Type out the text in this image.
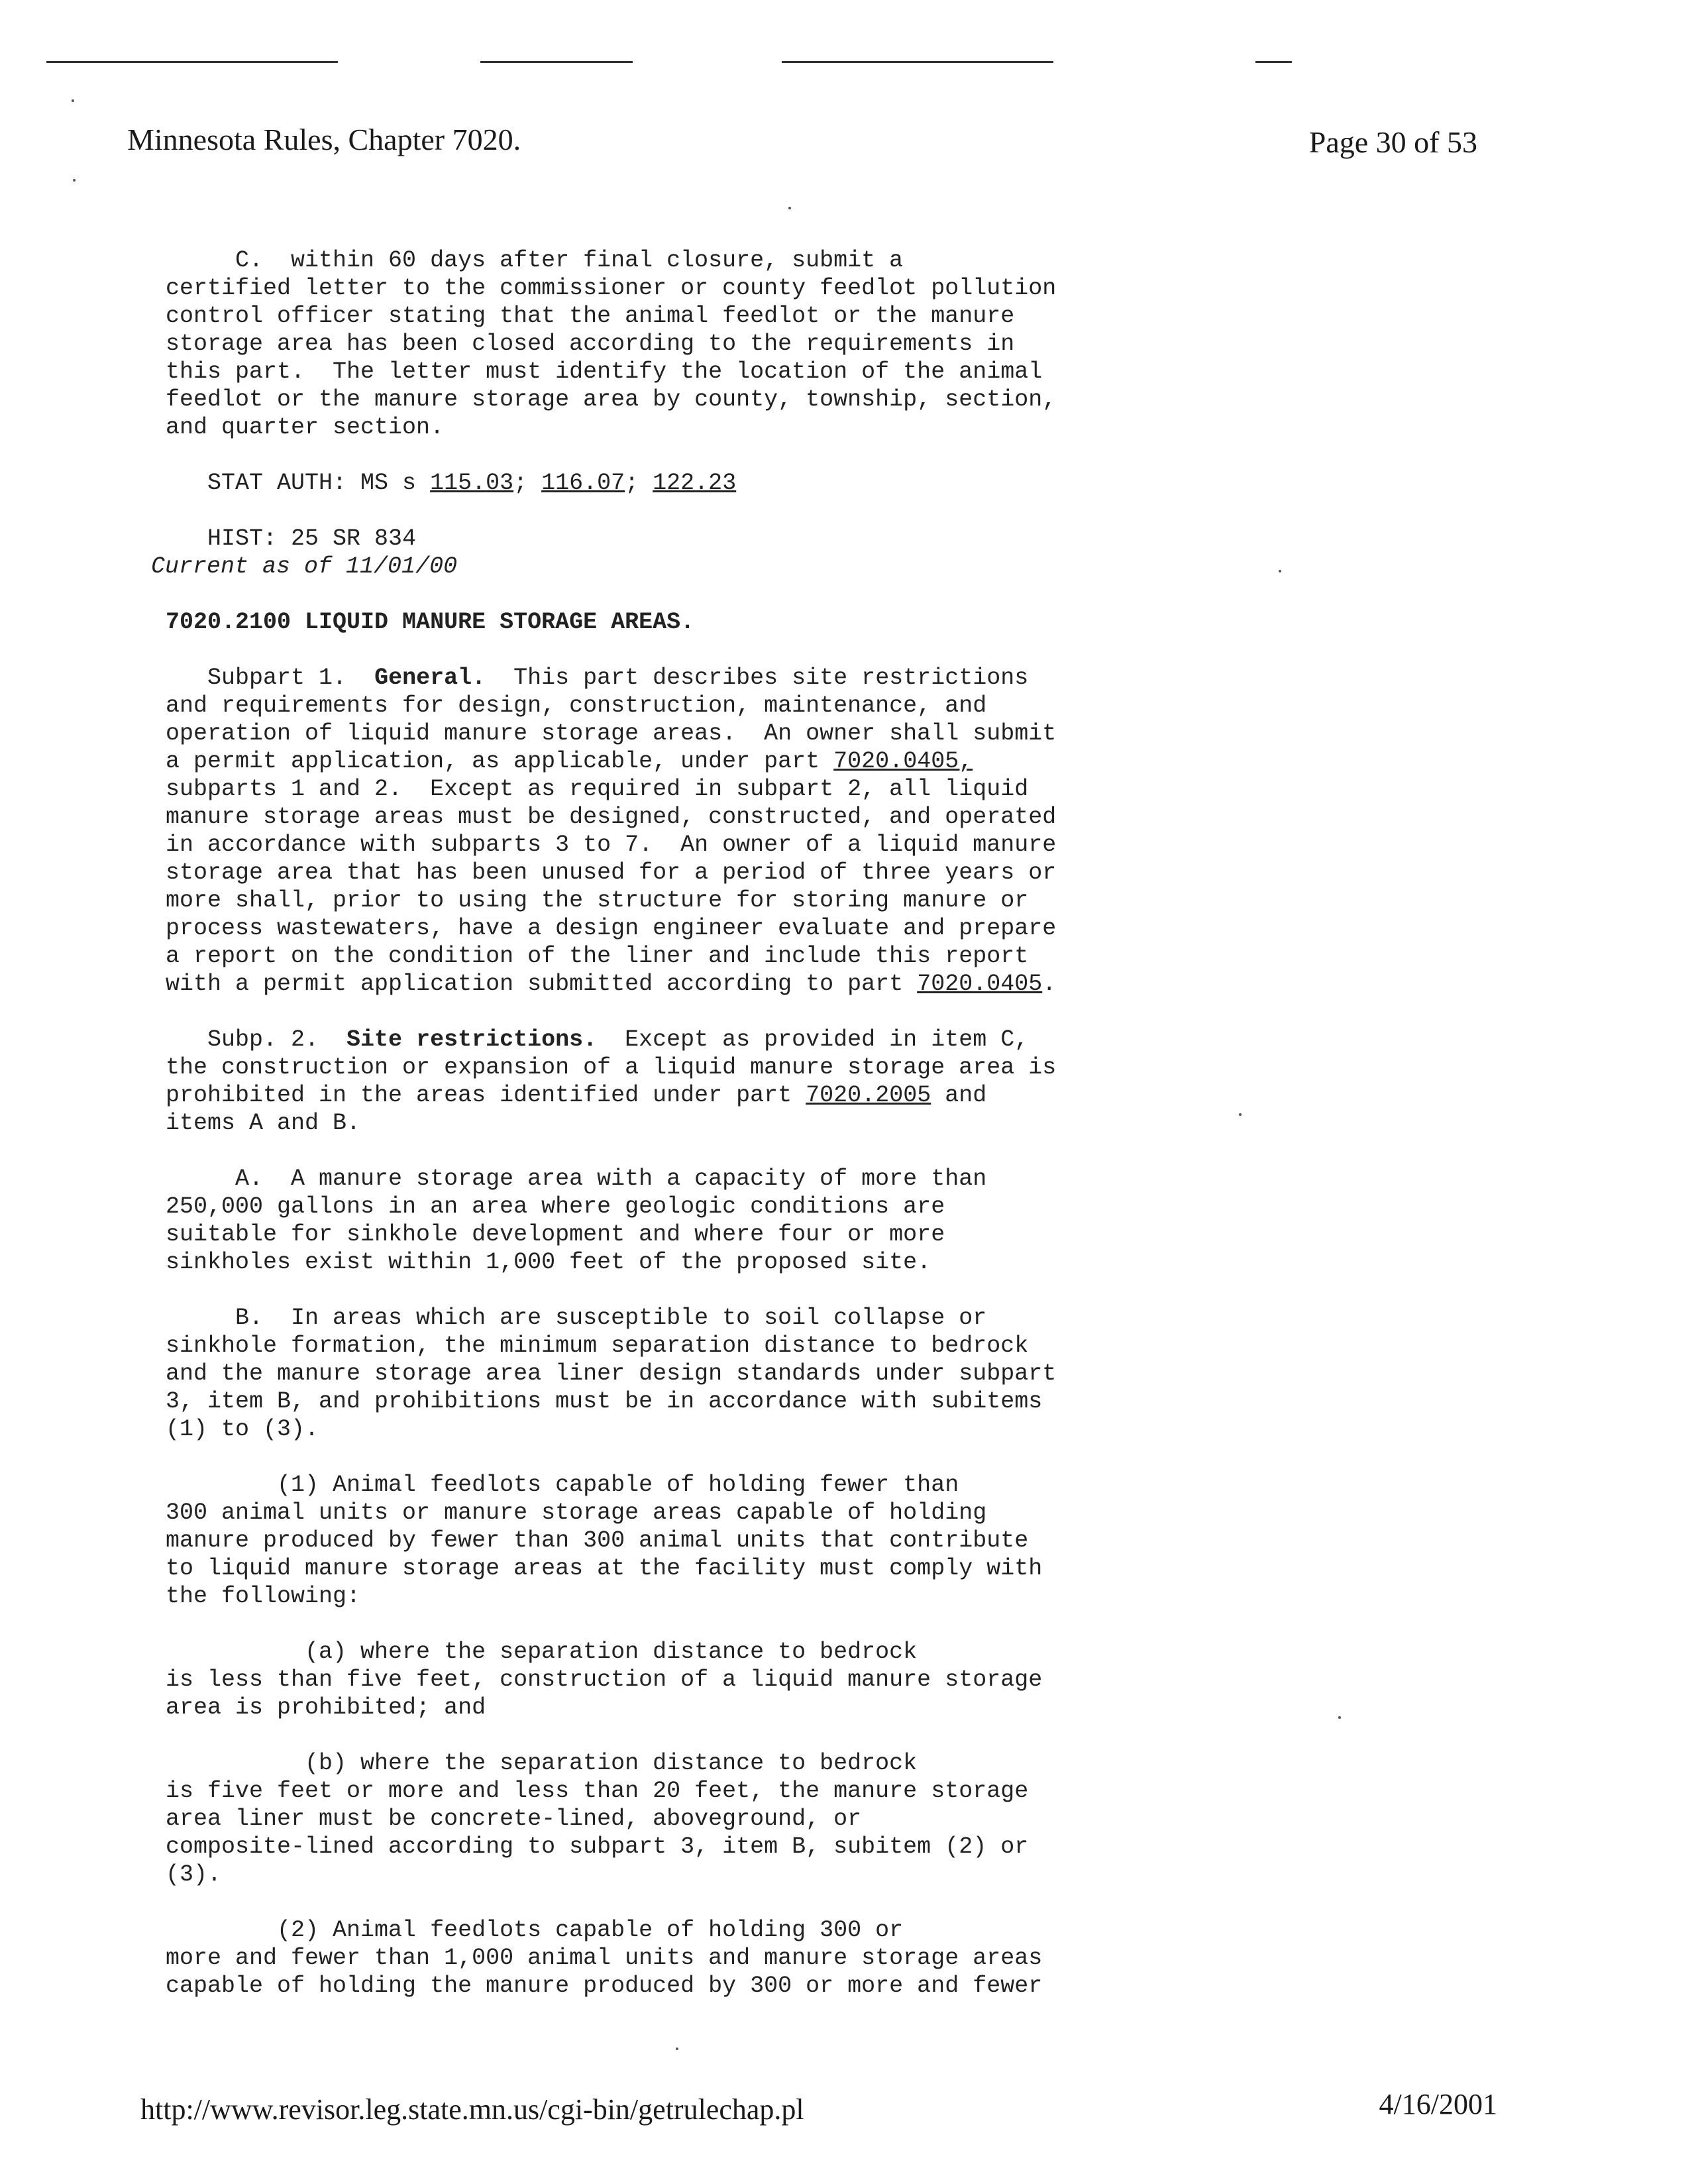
Minnesota Rules, Chapter 7020.	Page 30 of 53
C.  within 60 days after final closure, submit a
certified letter to the commissioner or county feedlot pollution
control officer stating that the animal feedlot or the manure
storage area has been closed according to the requirements in
this part.  The letter must identify the location of the animal
feedlot or the manure storage area by county, township, section,
and quarter section.

STAT AUTH: MS s 115.03; 116.07; 122.23

HIST: 25 SR 834
Current as of 11/01/00

7020.2100 LIQUID MANURE STORAGE AREAS.

Subpart 1.  General.  This part describes site restrictions
and requirements for design, construction, maintenance, and
operation of liquid manure storage areas.  An owner shall submit
a permit application, as applicable, under part 7020.0405,
subparts 1 and 2.  Except as required in subpart 2, all liquid
manure storage areas must be designed, constructed, and operated
in accordance with subparts 3 to 7.  An owner of a liquid manure
storage area that has been unused for a period of three years or
more shall, prior to using the structure for storing manure or
process wastewaters, have a design engineer evaluate and prepare
a report on the condition of the liner and include this report
with a permit application submitted according to part 7020.0405.

Subp. 2.  Site restrictions.  Except as provided in item C,
the construction or expansion of a liquid manure storage area is
prohibited in the areas identified under part 7020.2005 and
items A and B.

A.  A manure storage area with a capacity of more than
250,000 gallons in an area where geologic conditions are
suitable for sinkhole development and where four or more
sinkholes exist within 1,000 feet of the proposed site.

B.  In areas which are susceptible to soil collapse or
sinkhole formation, the minimum separation distance to bedrock
and the manure storage area liner design standards under subpart
3, item B, and prohibitions must be in accordance with subitems
(1) to (3).

(1) Animal feedlots capable of holding fewer than
300 animal units or manure storage areas capable of holding
manure produced by fewer than 300 animal units that contribute
to liquid manure storage areas at the facility must comply with
the following:

(a) where the separation distance to bedrock
is less than five feet, construction of a liquid manure storage
area is prohibited; and

(b) where the separation distance to bedrock
is five feet or more and less than 20 feet, the manure storage
area liner must be concrete-lined, aboveground, or
composite-lined according to subpart 3, item B, subitem (2) or
(3).

(2) Animal feedlots capable of holding 300 or
more and fewer than 1,000 animal units and manure storage areas
capable of holding the manure produced by 300 or more and fewer
http://www.revisor.leg.state.mn.us/cgi-bin/getrulechap.pl	4/16/2001
